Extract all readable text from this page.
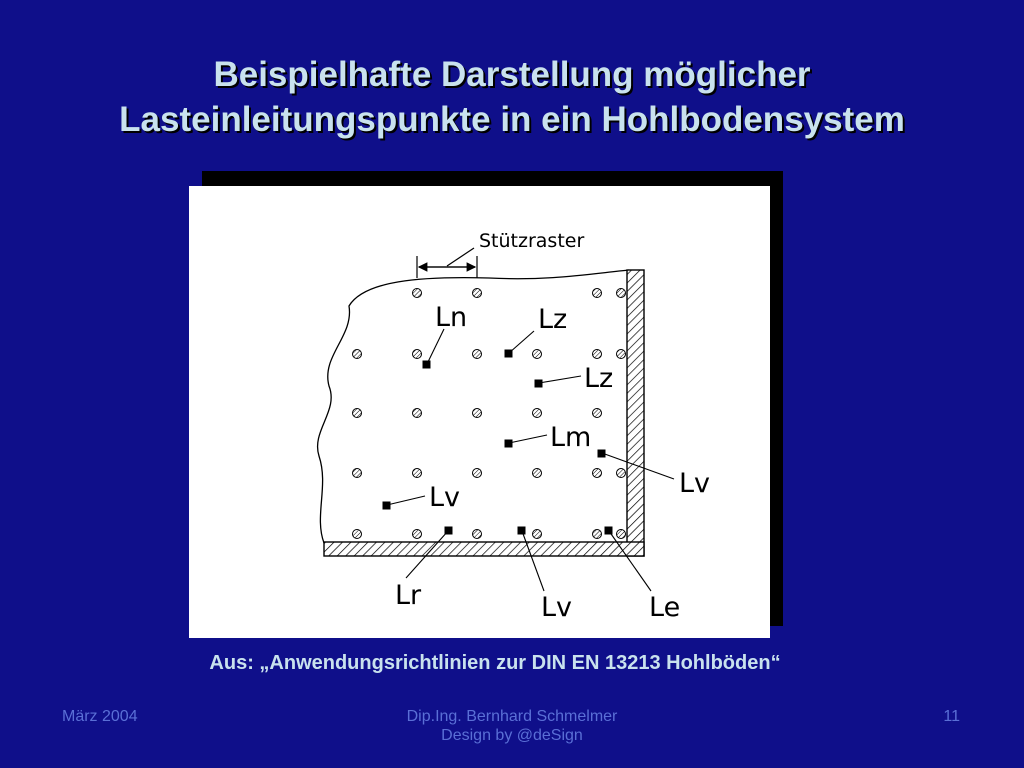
Beispielhafte Darstellung möglicher
Lasteinleitungspunkte in ein Hohlbodensystem
Stützraster
Ln	Lz
Lz
Lm
Lv
Lv
Lr	Lv	Le
Aus: „Anwendungsrichtlinien zur DIN EN 13213 Hohlböden“
März 2004	Dip.Ing. Bernhard Schmelmer
Design by @deSign
11
